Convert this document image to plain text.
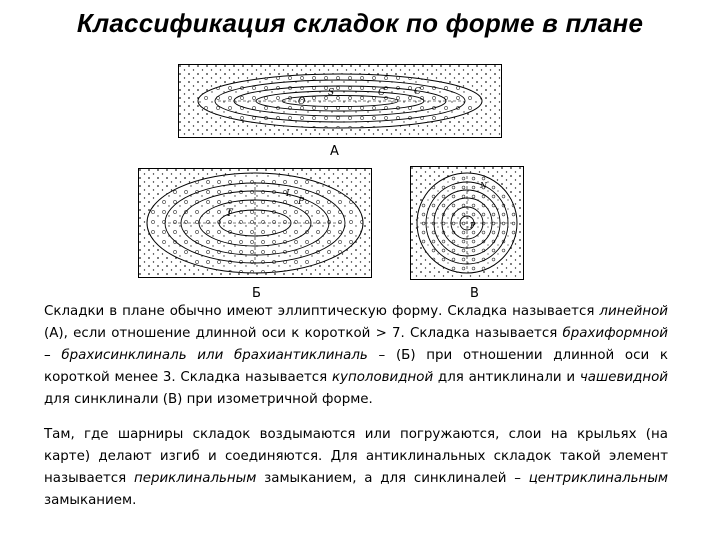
Классификация складок по форме в плане
O
S	C	C
А
T
I
P
Б
N
P
В
Складки в плане обычно имеют эллиптическую форму. Складка называется линейной (А), если отношение длинной оси к короткой > 7. Складка называется брахиформной – брахисинклиналь или брахиантиклиналь – (Б) при отношении длинной оси к короткой менее 3. Складка называется куполовидной для антиклинали и чашевидной для синклинали (В) при изометричной форме.
Там, где шарниры складок воздымаются или погружаются, слои на крыльях (на карте) делают изгиб и соединяются. Для антиклинальных складок такой элемент называется периклинальным замыканием, а для синклиналей – центриклинальным замыканием.
